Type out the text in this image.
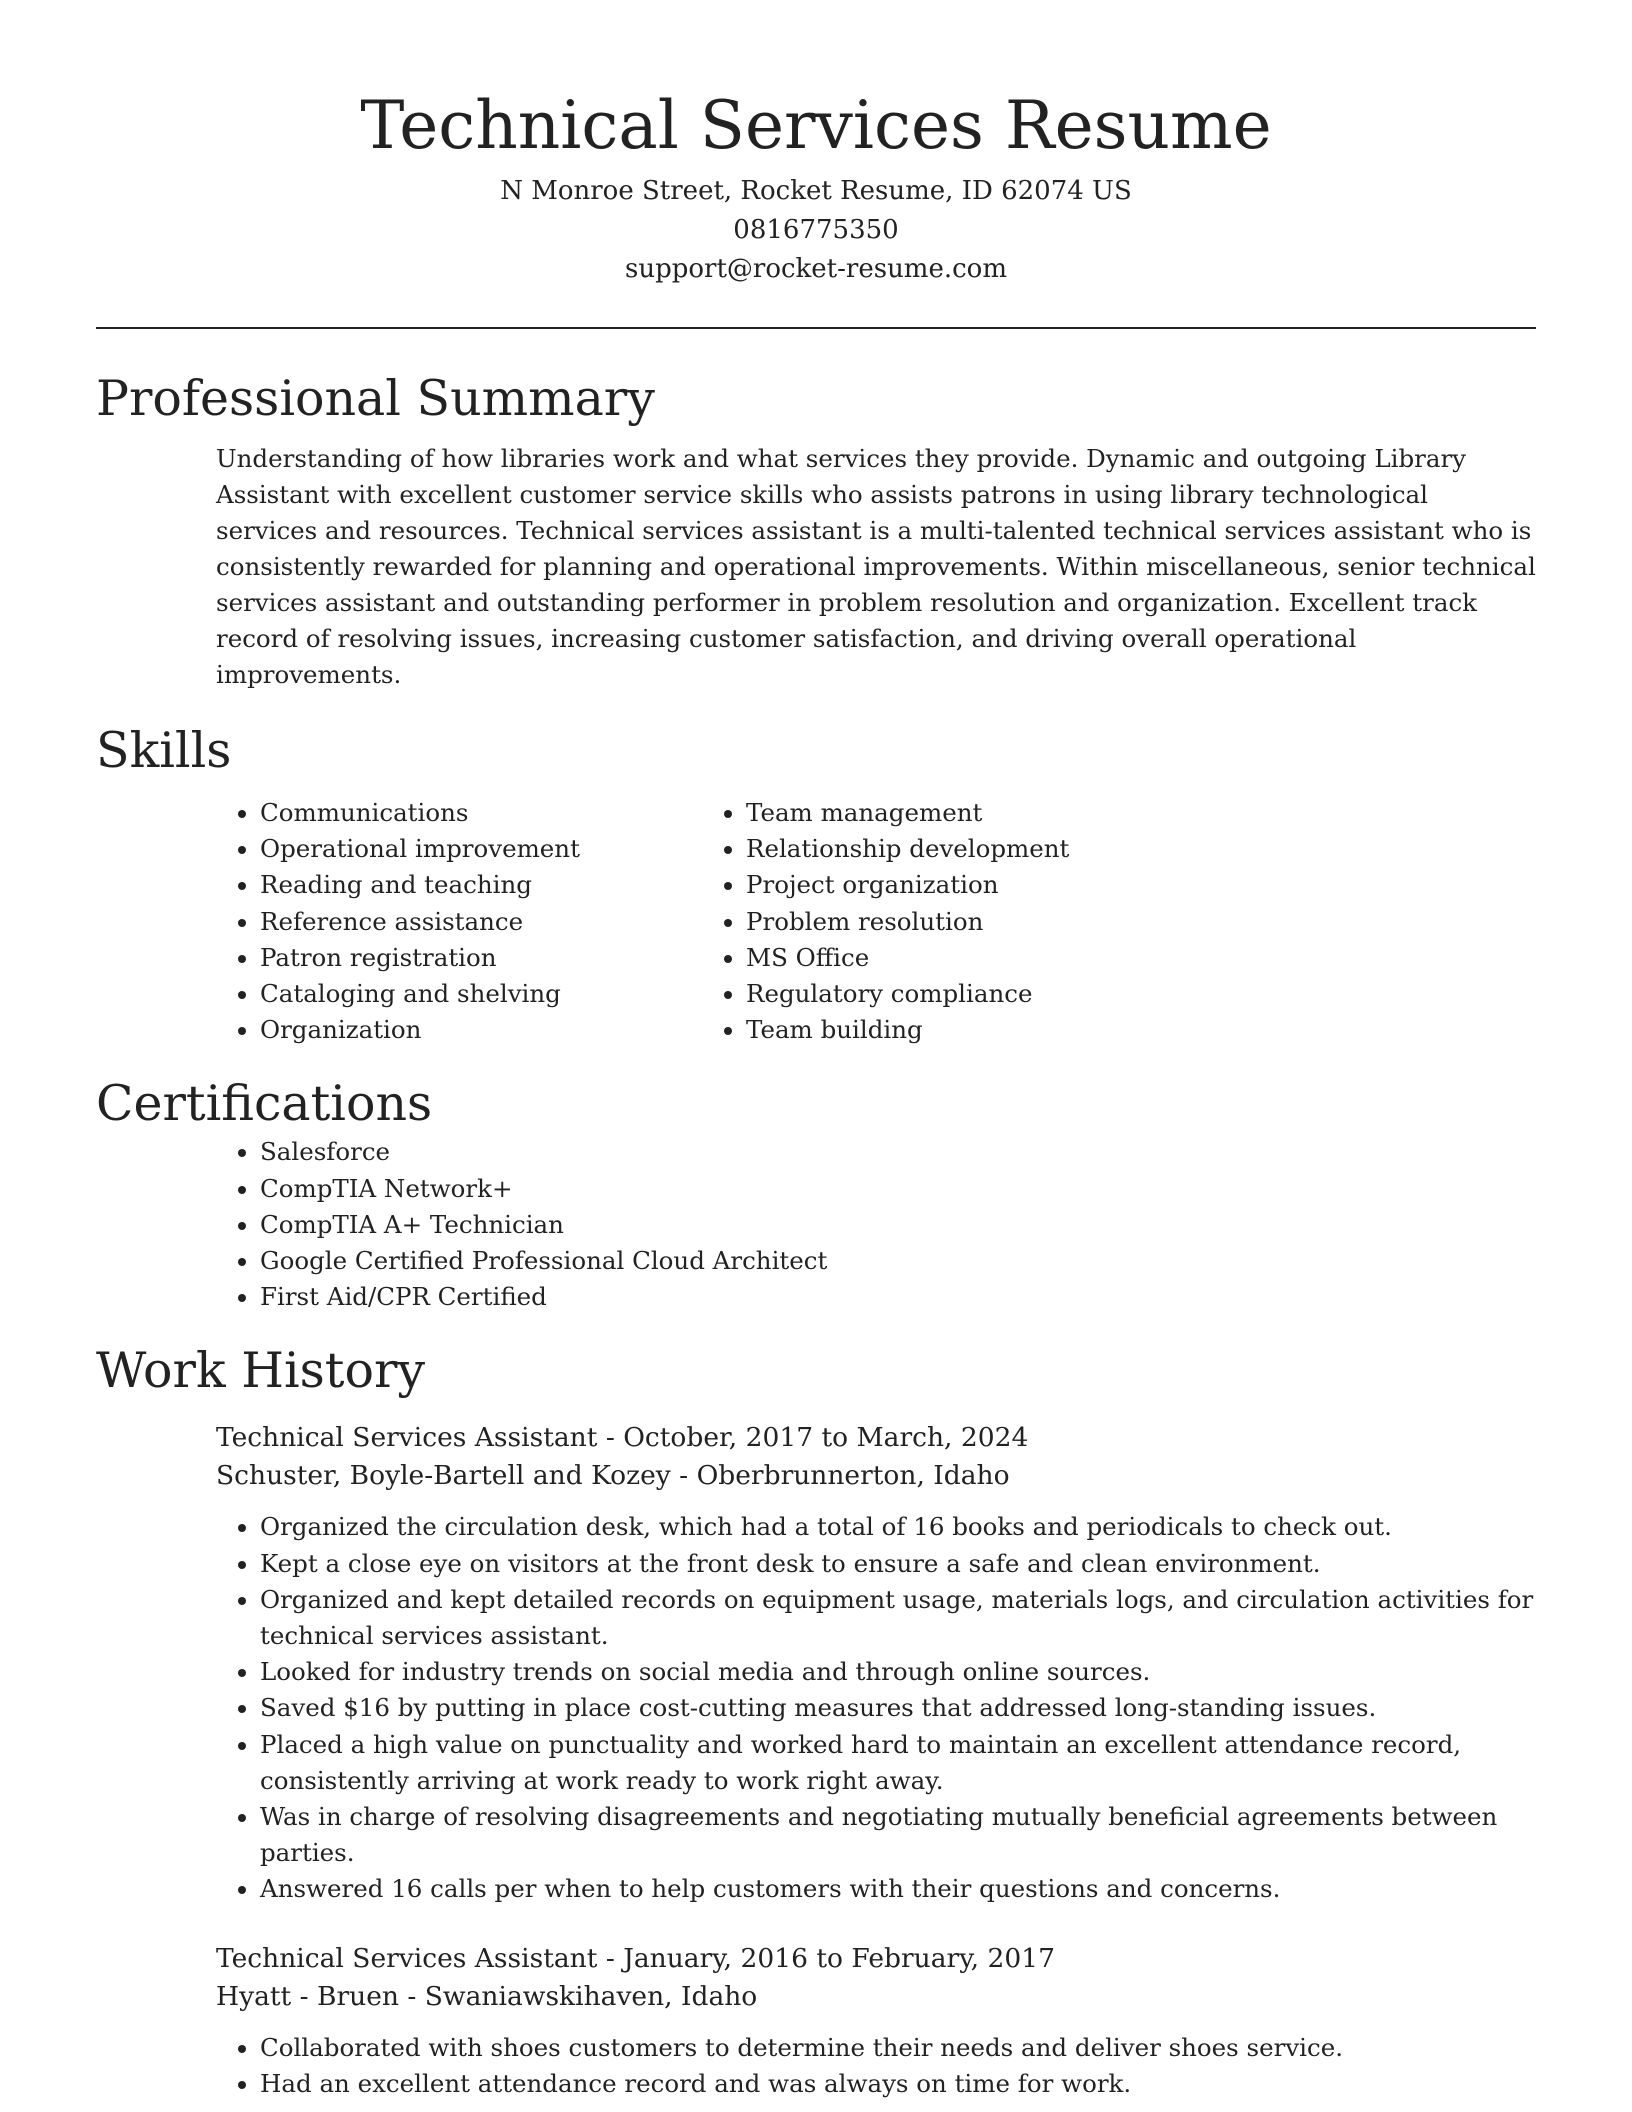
Technical Services Resume
N Monroe Street, Rocket Resume, ID 62074 US
0816775350
support@rocket-resume.com
Professional Summary

Understanding of how libraries work and what services they provide. Dynamic and outgoing Library Assistant with excellent customer service skills who assists patrons in using library technological services and resources. Technical services assistant is a multi-talented technical services assistant who is consistently rewarded for planning and operational improvements. Within miscellaneous, senior technical services assistant and outstanding performer in problem resolution and organization. Excellent track record of resolving issues, increasing customer satisfaction, and driving overall operational improvements.

Skills
• Communications
• Operational improvement
• Reading and teaching
• Reference assistance
• Patron registration
• Cataloging and shelving
• Organization
• Team management
• Relationship development
• Project organization
• Problem resolution
• MS Office
• Regulatory compliance
• Team building
Certifications
• Salesforce
• CompTIA Network+
• CompTIA A+ Technician
• Google Certified Professional Cloud Architect
• First Aid/CPR Certified
Work History
Technical Services Assistant - October, 2017 to March, 2024
Schuster, Boyle-Bartell and Kozey - Oberbrunnerton, Idaho
• Organized the circulation desk, which had a total of 16 books and periodicals to check out.
• Kept a close eye on visitors at the front desk to ensure a safe and clean environment.
• Organized and kept detailed records on equipment usage, materials logs, and circulation activities for technical services assistant.
• Looked for industry trends on social media and through online sources.
• Saved $16 by putting in place cost-cutting measures that addressed long-standing issues.
• Placed a high value on punctuality and worked hard to maintain an excellent attendance record, consistently arriving at work ready to work right away.
• Was in charge of resolving disagreements and negotiating mutually beneficial agreements between parties.
• Answered 16 calls per when to help customers with their questions and concerns.
Technical Services Assistant - January, 2016 to February, 2017
Hyatt - Bruen - Swaniawskihaven, Idaho
• Collaborated with shoes customers to determine their needs and deliver shoes service.
• Had an excellent attendance record and was always on time for work.
